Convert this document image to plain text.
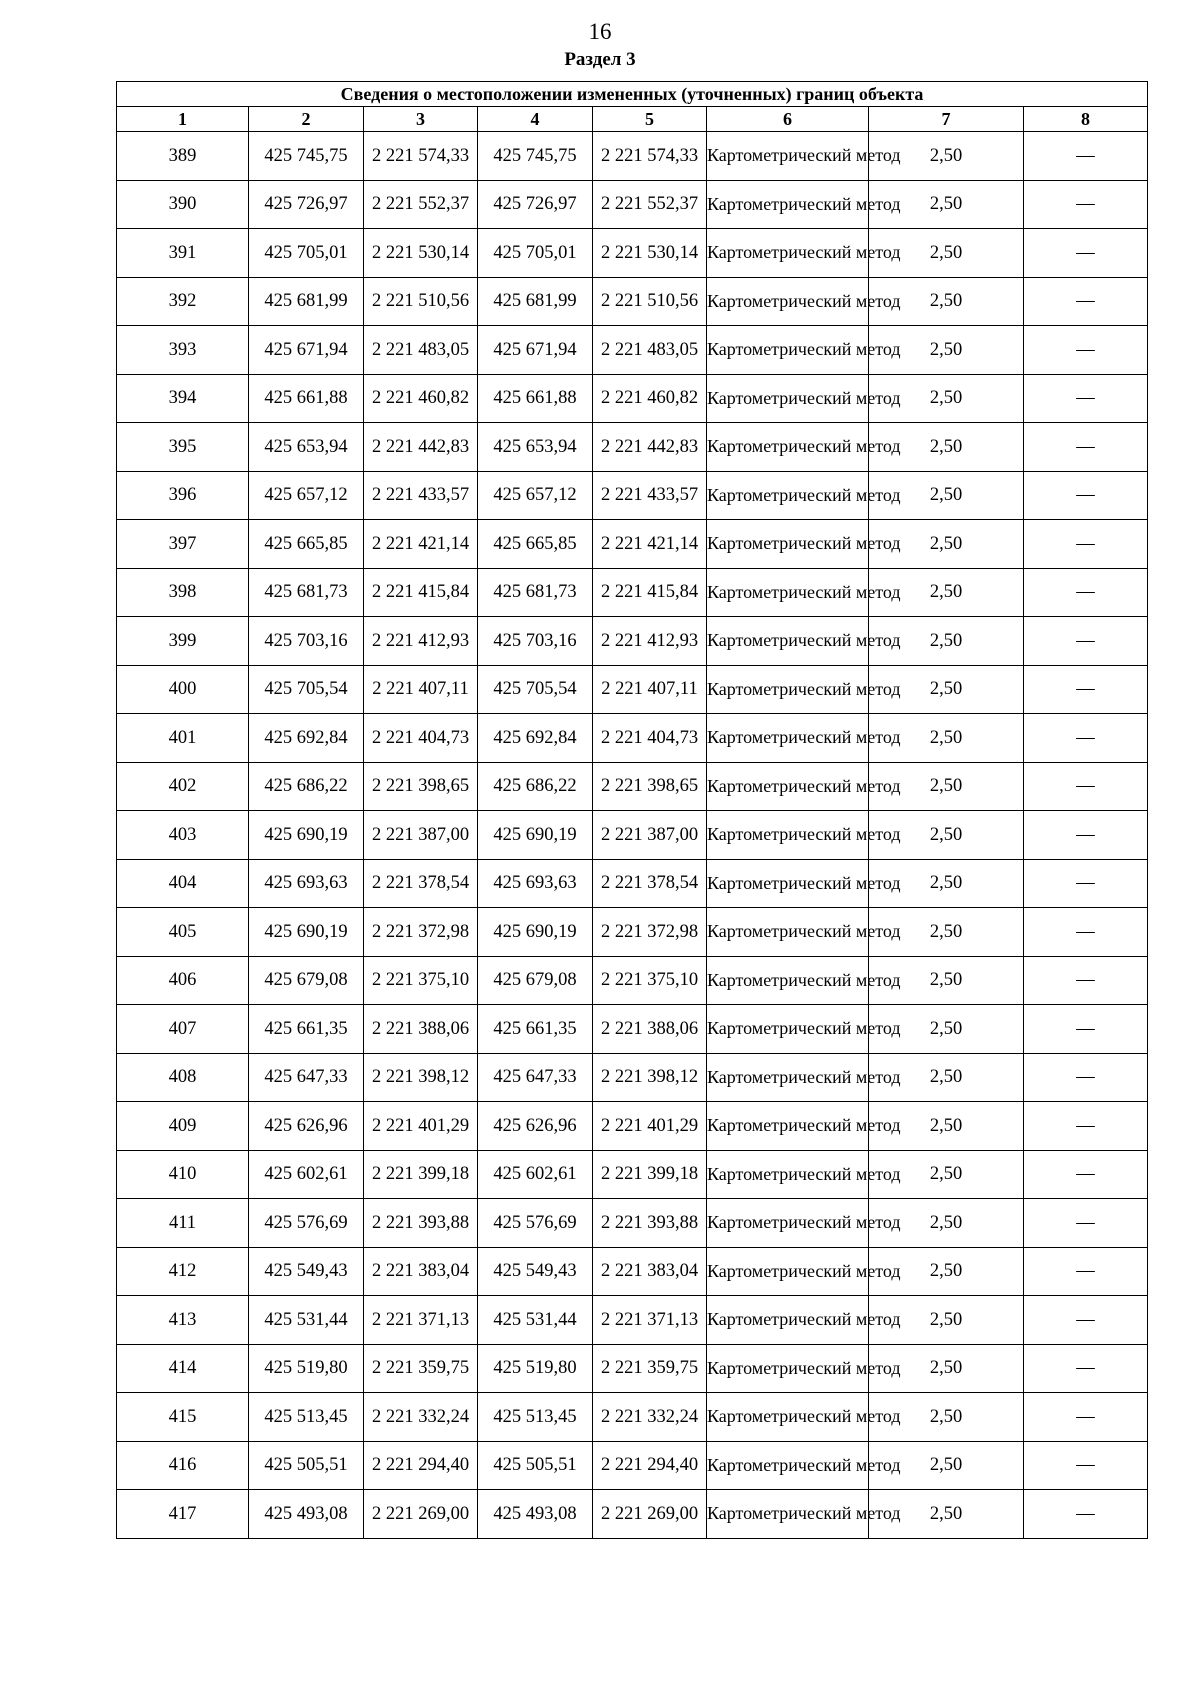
16
Раздел 3
Сведения о местоположении измененных (уточненных) границ объекта							
1	2	3	4	5	6	7	8
389	425 745,75	2 221 574,33	425 745,75	2 221 574,33	Картометрический метод	2,50	—
390	425 726,97	2 221 552,37	425 726,97	2 221 552,37	Картометрический метод	2,50	—
391	425 705,01	2 221 530,14	425 705,01	2 221 530,14	Картометрический метод	2,50	—
392	425 681,99	2 221 510,56	425 681,99	2 221 510,56	Картометрический метод	2,50	—
393	425 671,94	2 221 483,05	425 671,94	2 221 483,05	Картометрический метод	2,50	—
394	425 661,88	2 221 460,82	425 661,88	2 221 460,82	Картометрический метод	2,50	—
395	425 653,94	2 221 442,83	425 653,94	2 221 442,83	Картометрический метод	2,50	—
396	425 657,12	2 221 433,57	425 657,12	2 221 433,57	Картометрический метод	2,50	—
397	425 665,85	2 221 421,14	425 665,85	2 221 421,14	Картометрический метод	2,50	—
398	425 681,73	2 221 415,84	425 681,73	2 221 415,84	Картометрический метод	2,50	—
399	425 703,16	2 221 412,93	425 703,16	2 221 412,93	Картометрический метод	2,50	—
400	425 705,54	2 221 407,11	425 705,54	2 221 407,11	Картометрический метод	2,50	—
401	425 692,84	2 221 404,73	425 692,84	2 221 404,73	Картометрический метод	2,50	—
402	425 686,22	2 221 398,65	425 686,22	2 221 398,65	Картометрический метод	2,50	—
403	425 690,19	2 221 387,00	425 690,19	2 221 387,00	Картометрический метод	2,50	—
404	425 693,63	2 221 378,54	425 693,63	2 221 378,54	Картометрический метод	2,50	—
405	425 690,19	2 221 372,98	425 690,19	2 221 372,98	Картометрический метод	2,50	—
406	425 679,08	2 221 375,10	425 679,08	2 221 375,10	Картометрический метод	2,50	—
407	425 661,35	2 221 388,06	425 661,35	2 221 388,06	Картометрический метод	2,50	—
408	425 647,33	2 221 398,12	425 647,33	2 221 398,12	Картометрический метод	2,50	—
409	425 626,96	2 221 401,29	425 626,96	2 221 401,29	Картометрический метод	2,50	—
410	425 602,61	2 221 399,18	425 602,61	2 221 399,18	Картометрический метод	2,50	—
411	425 576,69	2 221 393,88	425 576,69	2 221 393,88	Картометрический метод	2,50	—
412	425 549,43	2 221 383,04	425 549,43	2 221 383,04	Картометрический метод	2,50	—
413	425 531,44	2 221 371,13	425 531,44	2 221 371,13	Картометрический метод	2,50	—
414	425 519,80	2 221 359,75	425 519,80	2 221 359,75	Картометрический метод	2,50	—
415	425 513,45	2 221 332,24	425 513,45	2 221 332,24	Картометрический метод	2,50	—
416	425 505,51	2 221 294,40	425 505,51	2 221 294,40	Картометрический метод	2,50	—
417	425 493,08	2 221 269,00	425 493,08	2 221 269,00	Картометрический метод	2,50	—
